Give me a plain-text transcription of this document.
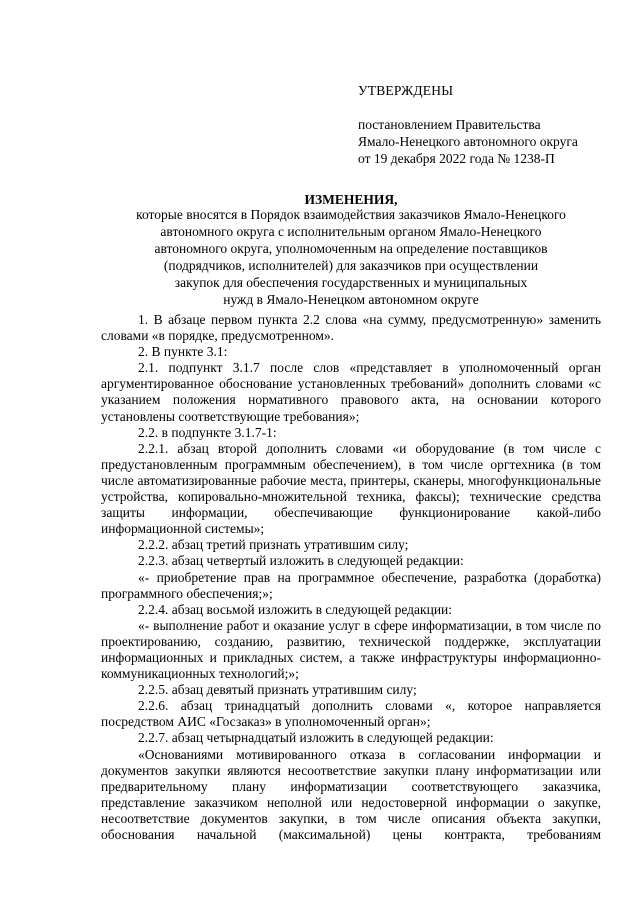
УТВЕРЖДЕНЫ
постановлением Правительства
Ямало-Ненецкого автономного округа
от 19 декабря 2022 года № 1238-П
ИЗМЕНЕНИЯ,
которые вносятся в Порядок взаимодействия заказчиков Ямало-Ненецкого
автономного округа с исполнительным органом Ямало-Ненецкого
автономного округа, уполномоченным на определение поставщиков
(подрядчиков, исполнителей) для заказчиков при осуществлении
закупок для обеспечения государственных и муниципальных
нужд в Ямало-Ненецком автономном округе

1. В абзаце первом пункта 2.2 слова «на сумму, предусмотренную» заменить словами «в порядке, предусмотренном».

2. В пункте 3.1:

2.1. подпункт 3.1.7 после слов «представляет в уполномоченный орган аргументированное обоснование установленных требований» дополнить словами «с указанием положения нормативного правового акта, на основании которого установлены соответствующие требования»;

2.2. в подпункте 3.1.7-1:

2.2.1. абзац второй дополнить словами «и оборудование (в том числе с предустановленным программным обеспечением), в том числе оргтехника (в том числе автоматизированные рабочие места, принтеры, сканеры, многофункциональные устройства, копировально-множительной техника, факсы); технические средства защиты информации, обеспечивающие функционирование какой-либо информационной системы»;

2.2.2. абзац третий признать утратившим силу;

2.2.3. абзац четвертый изложить в следующей редакции:

«- приобретение прав на программное обеспечение, разработка (доработка) программного обеспечения;»;

2.2.4. абзац восьмой изложить в следующей редакции:

«- выполнение работ и оказание услуг в сфере информатизации, в том числе по проектированию, созданию, развитию, технической поддержке, эксплуатации информационных и прикладных систем, а также инфраструктуры информационно-коммуникационных технологий;»;

2.2.5. абзац девятый признать утратившим силу;

2.2.6. абзац тринадцатый дополнить словами «, которое направляется посредством АИС «Госзаказ» в уполномоченный орган»;

2.2.7. абзац четырнадцатый изложить в следующей редакции:

«Основаниями мотивированного отказа в согласовании информации и документов закупки являются несоответствие закупки плану информатизации или предварительному плану информатизации соответствующего заказчика, представление заказчиком неполной или недостоверной информации о закупке, несоответствие документов закупки, в том числе описания объекта закупки, обоснования начальной (максимальной) цены контракта, требованиям
